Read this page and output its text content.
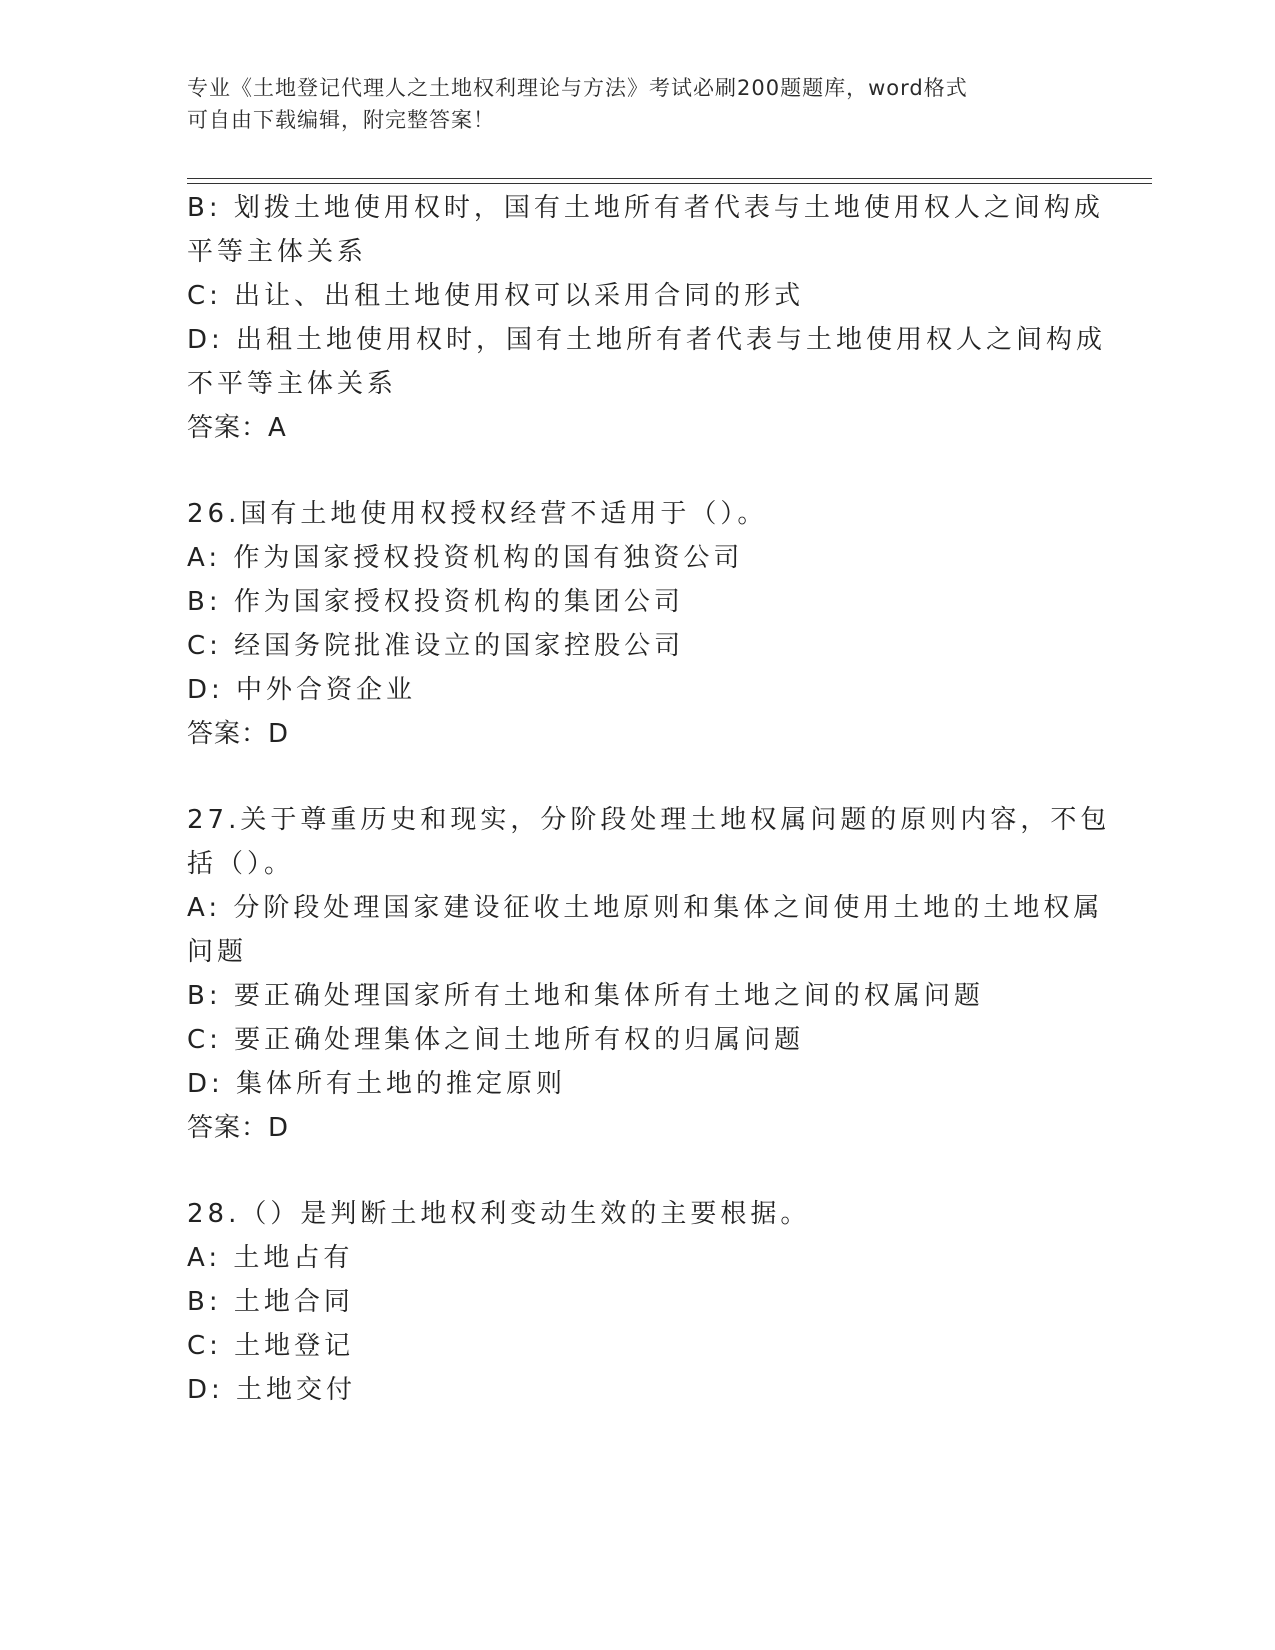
专业《土地登记代理人之土地权利理论与方法》考试必刷200题题库，word格式
可自由下载编辑，附完整答案！
B: 划拨土地使用权时，国有土地所有者代表与土地使用权人之间构成
平等主体关系
C: 出让、出租土地使用权可以采用合同的形式
D: 出租土地使用权时，国有土地所有者代表与土地使用权人之间构成
不平等主体关系
答案：A
26.国有土地使用权授权经营不适用于（）。
A: 作为国家授权投资机构的国有独资公司
B: 作为国家授权投资机构的集团公司
C: 经国务院批准设立的国家控股公司
D: 中外合资企业
答案：D
27.关于尊重历史和现实，分阶段处理土地权属问题的原则内容，不包
括（）。
A: 分阶段处理国家建设征收土地原则和集体之间使用土地的土地权属
问题
B: 要正确处理国家所有土地和集体所有土地之间的权属问题
C: 要正确处理集体之间土地所有权的归属问题
D: 集体所有土地的推定原则
答案：D
28.（）是判断土地权利变动生效的主要根据。
A: 土地占有
B: 土地合同
C: 土地登记
D: 土地交付
